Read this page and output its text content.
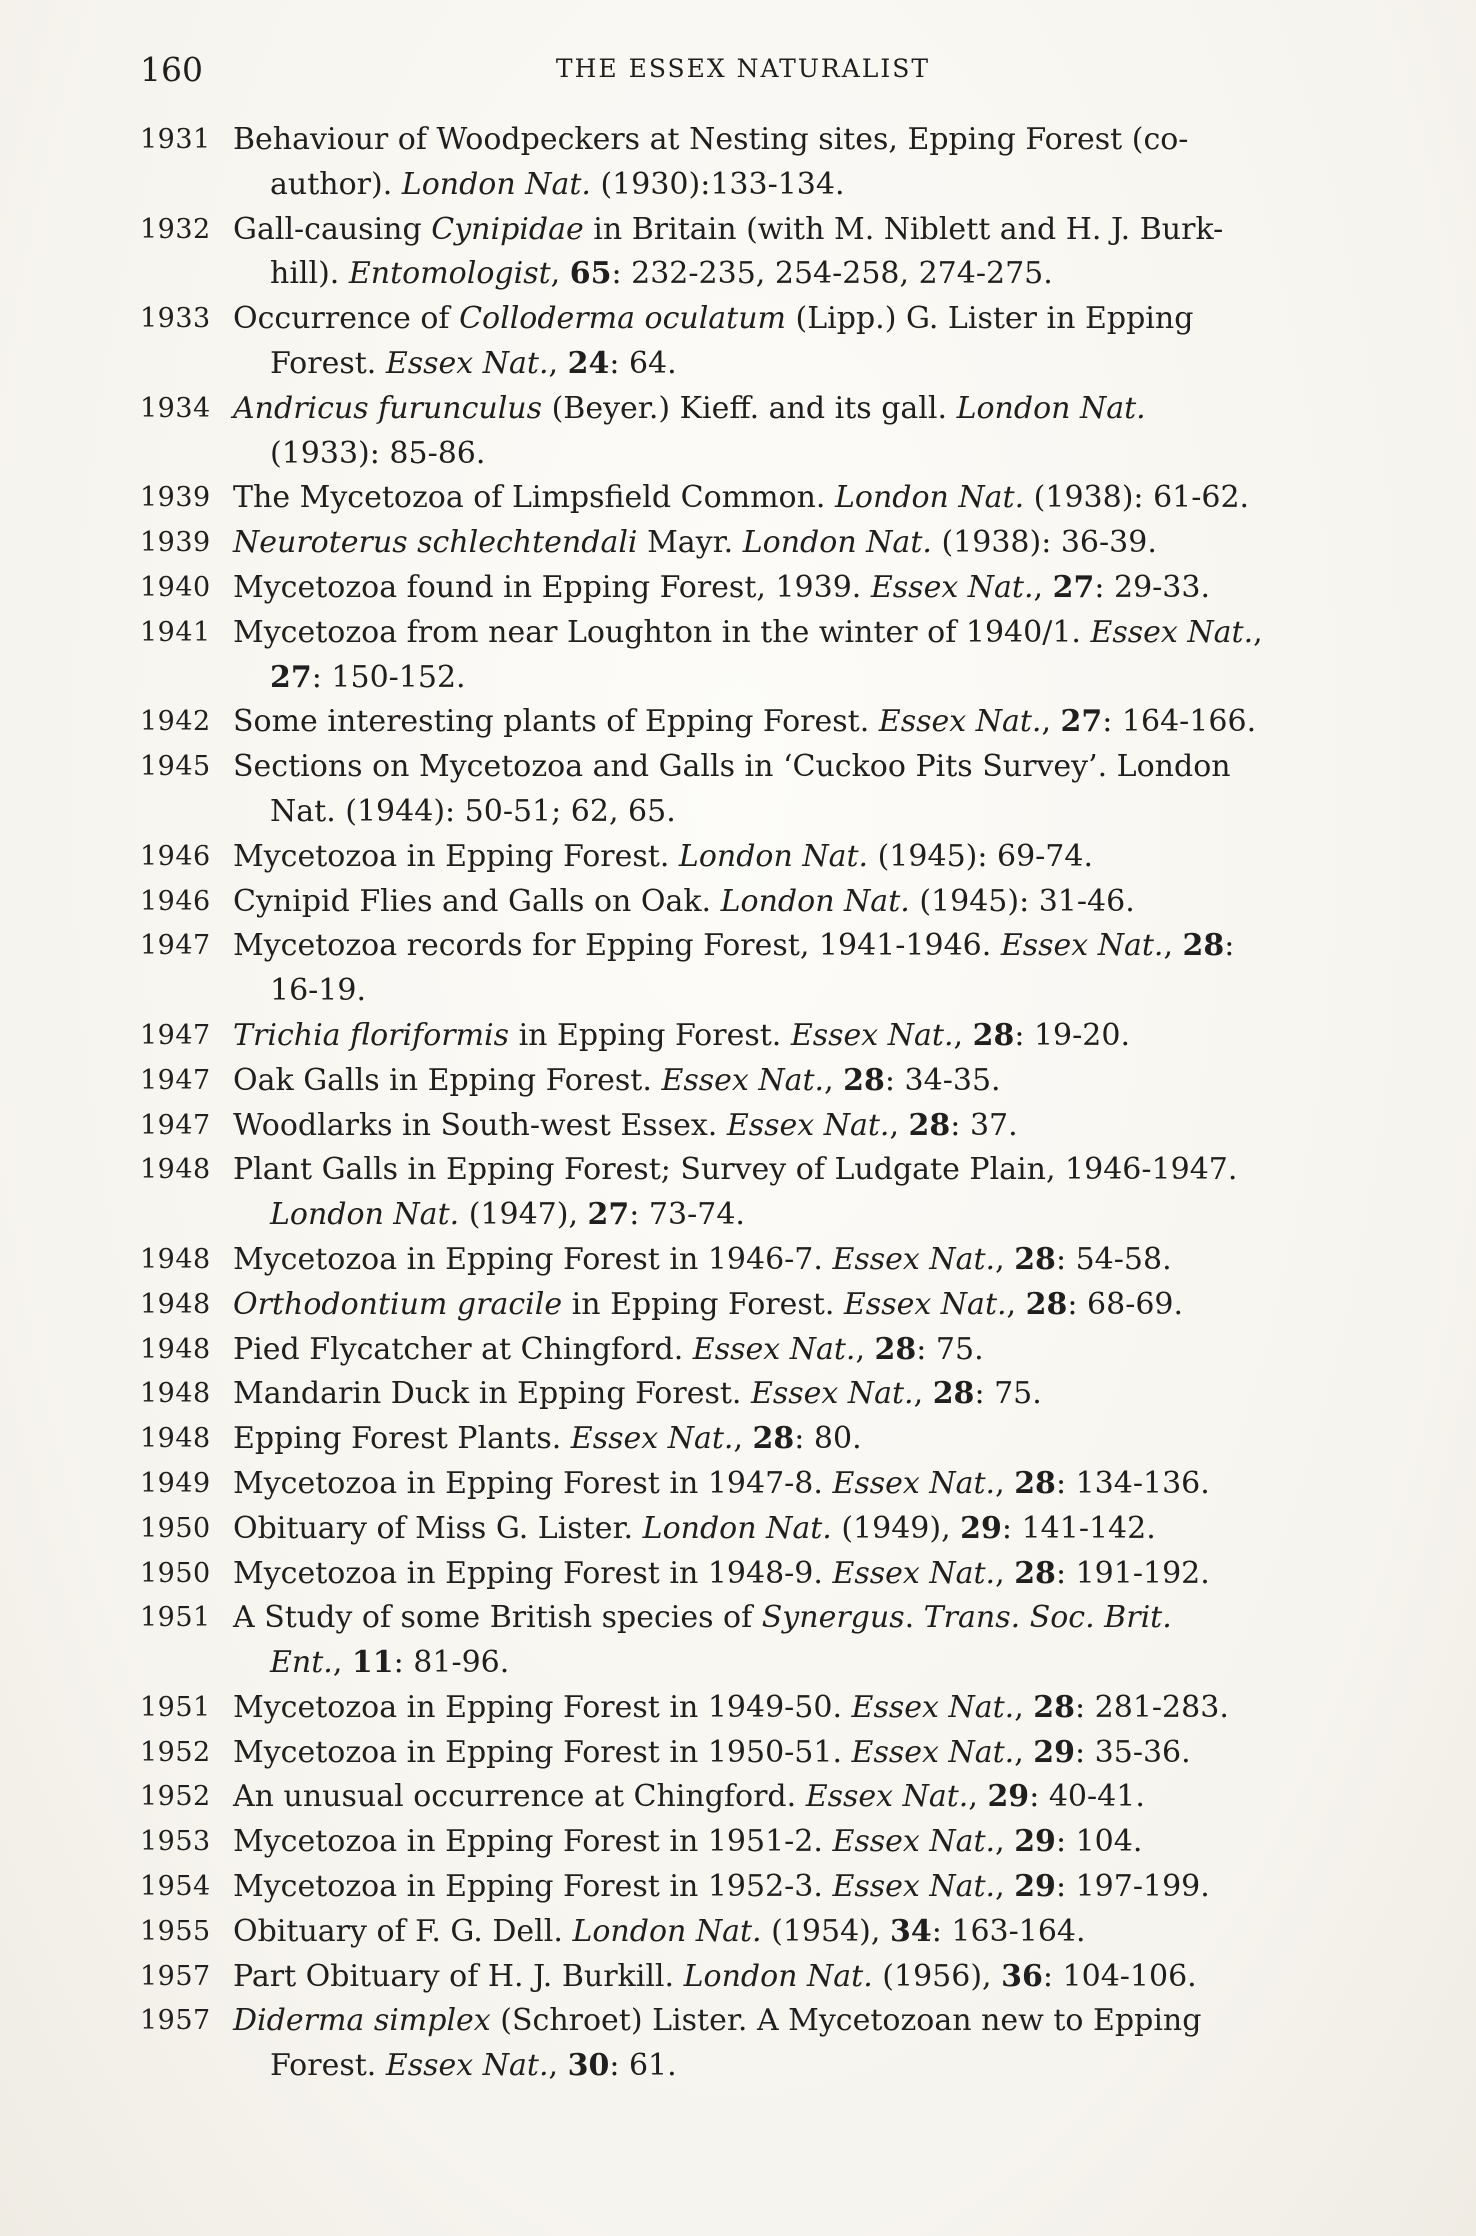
160	THE ESSEX NATURALIST
1931 Behaviour of Woodpeckers at Nesting sites, Epping Forest (co-
author). London Nat. (1930):133-134.
1932 Gall-causing Cynipidae in Britain (with M. Niblett and H. J. Burk-
hill). Entomologist, 65: 232-235, 254-258, 274-275.
1933 Occurrence of Colloderma oculatum (Lipp.) G. Lister in Epping
Forest. Essex Nat., 24: 64.
1934 Andricus furunculus (Beyer.) Kieff. and its gall. London Nat.
(1933): 85-86.
1939 The Mycetozoa of Limpsfield Common. London Nat. (1938): 61-62.
1939 Neuroterus schlechtendali Mayr. London Nat. (1938): 36-39.
1940 Mycetozoa found in Epping Forest, 1939. Essex Nat., 27: 29-33.
1941 Mycetozoa from near Loughton in the winter of 1940/1. Essex Nat.,
27: 150-152.
1942 Some interesting plants of Epping Forest. Essex Nat., 27: 164-166.
1945 Sections on Mycetozoa and Galls in ‘Cuckoo Pits Survey’. London
Nat. (1944): 50-51; 62, 65.
1946 Mycetozoa in Epping Forest. London Nat. (1945): 69-74.
1946 Cynipid Flies and Galls on Oak. London Nat. (1945): 31-46.
1947 Mycetozoa records for Epping Forest, 1941-1946. Essex Nat., 28:
16-19.
1947 Trichia floriformis in Epping Forest. Essex Nat., 28: 19-20.
1947 Oak Galls in Epping Forest. Essex Nat., 28: 34-35.
1947 Woodlarks in South-west Essex. Essex Nat., 28: 37.
1948 Plant Galls in Epping Forest; Survey of Ludgate Plain, 1946-1947.
London Nat. (1947), 27: 73-74.
1948 Mycetozoa in Epping Forest in 1946-7. Essex Nat., 28: 54-58.
1948 Orthodontium gracile in Epping Forest. Essex Nat., 28: 68-69.
1948 Pied Flycatcher at Chingford. Essex Nat., 28: 75.
1948 Mandarin Duck in Epping Forest. Essex Nat., 28: 75.
1948 Epping Forest Plants. Essex Nat., 28: 80.
1949 Mycetozoa in Epping Forest in 1947-8. Essex Nat., 28: 134-136.
1950 Obituary of Miss G. Lister. London Nat. (1949), 29: 141-142.
1950 Mycetozoa in Epping Forest in 1948-9. Essex Nat., 28: 191-192.
1951 A Study of some British species of Synergus. Trans. Soc. Brit.
Ent., 11: 81-96.
1951 Mycetozoa in Epping Forest in 1949-50. Essex Nat., 28: 281-283.
1952 Mycetozoa in Epping Forest in 1950-51. Essex Nat., 29: 35-36.
1952 An unusual occurrence at Chingford. Essex Nat., 29: 40-41.
1953 Mycetozoa in Epping Forest in 1951-2. Essex Nat., 29: 104.
1954 Mycetozoa in Epping Forest in 1952-3. Essex Nat., 29: 197-199.
1955 Obituary of F. G. Dell. London Nat. (1954), 34: 163-164.
1957 Part Obituary of H. J. Burkill. London Nat. (1956), 36: 104-106.
1957 Diderma simplex (Schroet) Lister. A Mycetozoan new to Epping
Forest. Essex Nat., 30: 61.
